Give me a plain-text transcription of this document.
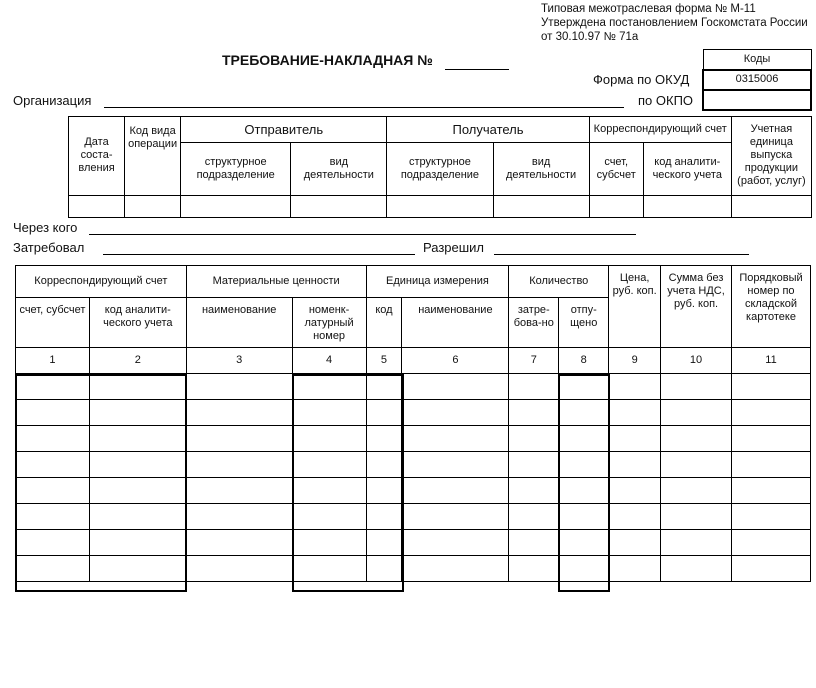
Типовая межотраслевая форма № М-11
Утверждена постановлением Госкомстата России
от 30.10.97 № 71а
ТРЕБОВАНИЕ-НАКЛАДНАЯ №	Коды
0315006

Форма по ОКУД
по ОКПО
Организация
Дата соста-вления	Код вида операции	Отправитель		Получатель		Корреспондирующий счет		Учетная единица выпуска продукции (работ, услуг)
		структурное подразделение	вид деятельности	структурное подразделение	вид деятельности	счет, субсчет	код аналити-ческого учета	

Через кого
Затребовал	Разрешил
Корреспондирующий счет		Материальные ценности		Единица измерения		Количество		Цена, руб. коп.	Сумма без учета НДС, руб. коп.	Порядковый номер по складской картотеке
счет, субсчет	код аналити-ческого учета	наименование	номенк-латурный номер	код	наименование	затре-бова-но	отпу-щено			
1	2	3	4	5	6	7	8	9	10	11
